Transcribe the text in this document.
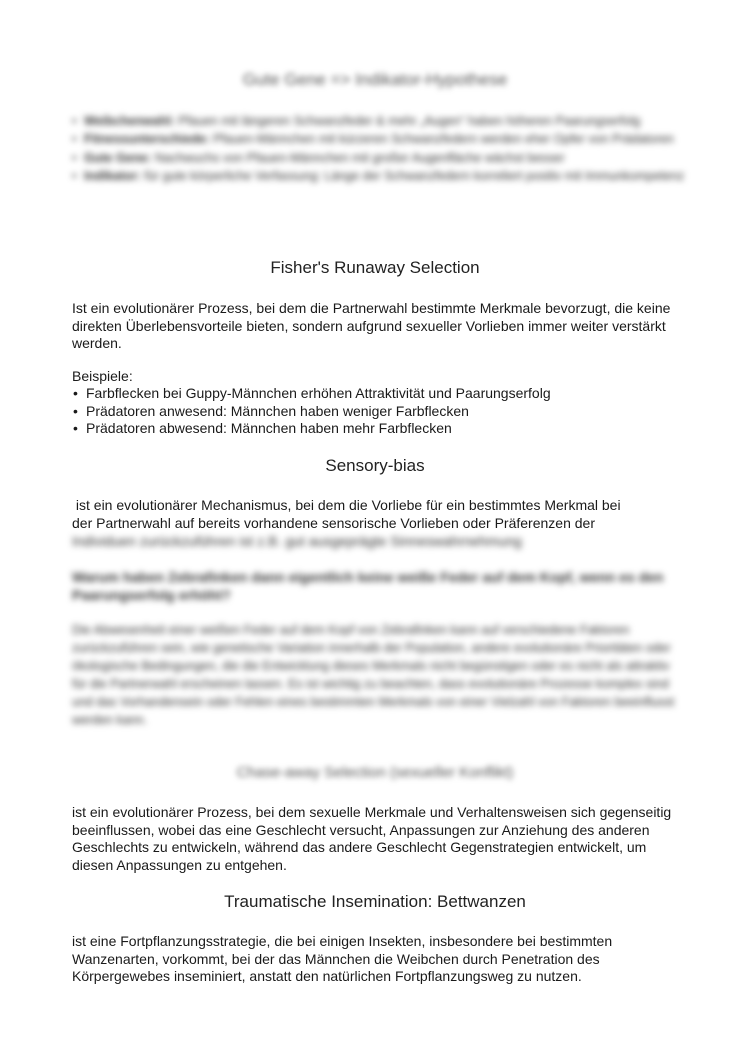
Gute Gene => Indikator-Hypothese
• Weibchenwahl: Pfauen mit längeren Schwanzfeder & mehr „Augen“ haben höheren Paarungserfolg
• Fitnessunterschiede: Pfauen-Männchen mit kürzeren Schwanzfedern werden eher Opfer von Prädatoren
• Gute Gene: Nachwuchs von Pfauen-Männchen mit großer Augenfläche wächst besser
• Indikator: für gute körperliche Verfassung: Länge der Schwanzfedern korreliert positiv mit Immunkompetenz
Fisher's Runaway Selection

Ist ein evolutionärer Prozess, bei dem die Partnerwahl bestimmte Merkmale bevorzugt, die keine direkten Überlebensvorteile bieten, sondern aufgrund sexueller Vorlieben immer weiter verstärkt werden.

Beispiele:

• Farbflecken bei Guppy-Männchen erhöhen Attraktivität und Paarungserfolg
• Prädatoren anwesend: Männchen haben weniger Farbflecken
• Prädatoren abwesend: Männchen haben mehr Farbflecken
Sensory-bias

ist ein evolutionärer Mechanismus, bei dem die Vorliebe für ein bestimmtes Merkmal bei

der Partnerwahl auf bereits vorhandene sensorische Vorlieben oder Präferenzen der

Individuen zurückzuführen ist z.B. gut ausgeprägte Sinneswahrnehmung

Warum haben Zebrafinken dann eigentlich keine weiße Feder auf dem Kopf, wenn es den Paarungserfolg erhöht?

Die Abwesenheit einer weißen Feder auf dem Kopf von Zebrafinken kann auf verschiedene Faktoren zurückzuführen sein, wie genetische Variation innerhalb der Population, andere evolutionäre Prioritäten oder ökologische Bedingungen, die die Entwicklung dieses Merkmals nicht begünstigen oder es nicht als attraktiv für die Partnerwahl erscheinen lassen. Es ist wichtig zu beachten, dass evolutionäre Prozesse komplex sind und das Vorhandensein oder Fehlen eines bestimmten Merkmals von einer Vielzahl von Faktoren beeinflusst werden kann.

Chase-away Selection (sexueller Konflikt)

ist ein evolutionärer Prozess, bei dem sexuelle Merkmale und Verhaltensweisen sich gegenseitig beeinflussen, wobei das eine Geschlecht versucht, Anpassungen zur Anziehung des anderen Geschlechts zu entwickeln, während das andere Geschlecht Gegenstrategien entwickelt, um diesen Anpassungen zu entgehen.

Traumatische Insemination: Bettwanzen

ist eine Fortpflanzungsstrategie, die bei einigen Insekten, insbesondere bei bestimmten Wanzenarten, vorkommt, bei der das Männchen die Weibchen durch Penetration des Körpergewebes inseminiert, anstatt den natürlichen Fortpflanzungsweg zu nutzen.
